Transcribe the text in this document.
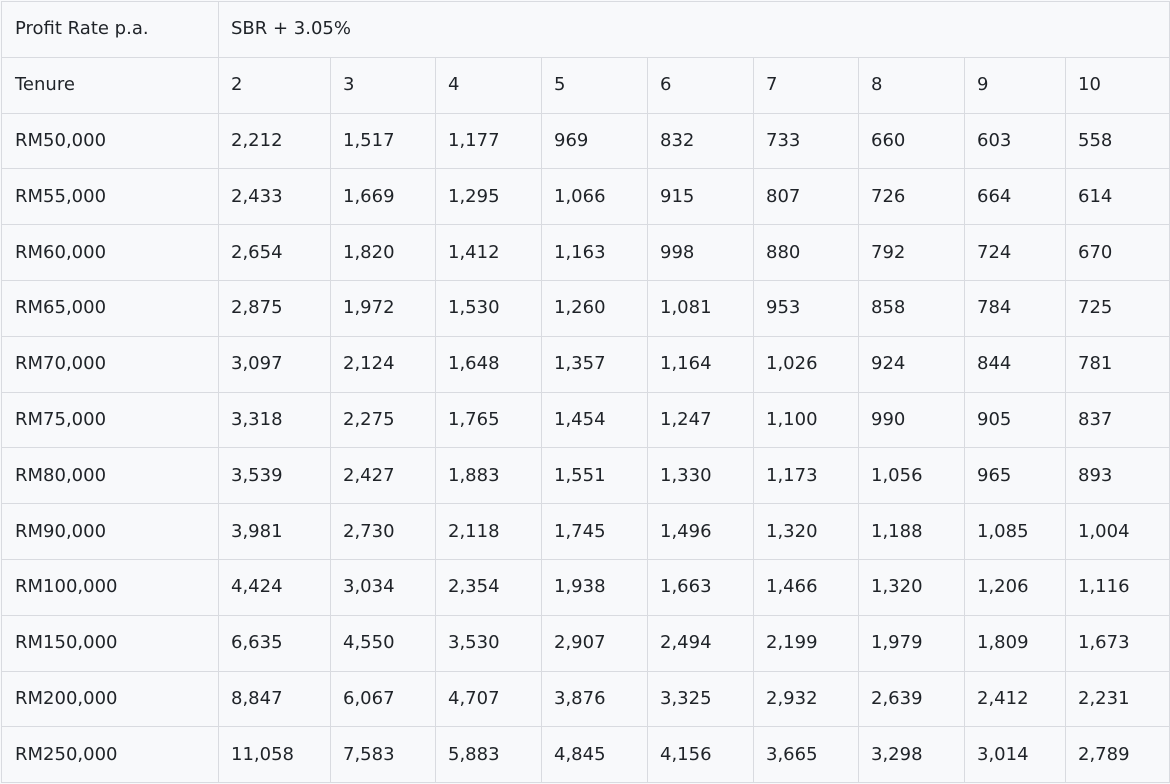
Profit Rate p.a.	SBR + 3.05%								
Tenure	2	3	4	5	6	7	8	9	10
RM50,000	2,212	1,517	1,177	969	832	733	660	603	558
RM55,000	2,433	1,669	1,295	1,066	915	807	726	664	614
RM60,000	2,654	1,820	1,412	1,163	998	880	792	724	670
RM65,000	2,875	1,972	1,530	1,260	1,081	953	858	784	725
RM70,000	3,097	2,124	1,648	1,357	1,164	1,026	924	844	781
RM75,000	3,318	2,275	1,765	1,454	1,247	1,100	990	905	837
RM80,000	3,539	2,427	1,883	1,551	1,330	1,173	1,056	965	893
RM90,000	3,981	2,730	2,118	1,745	1,496	1,320	1,188	1,085	1,004
RM100,000	4,424	3,034	2,354	1,938	1,663	1,466	1,320	1,206	1,116
RM150,000	6,635	4,550	3,530	2,907	2,494	2,199	1,979	1,809	1,673
RM200,000	8,847	6,067	4,707	3,876	3,325	2,932	2,639	2,412	2,231
RM250,000	11,058	7,583	5,883	4,845	4,156	3,665	3,298	3,014	2,789
